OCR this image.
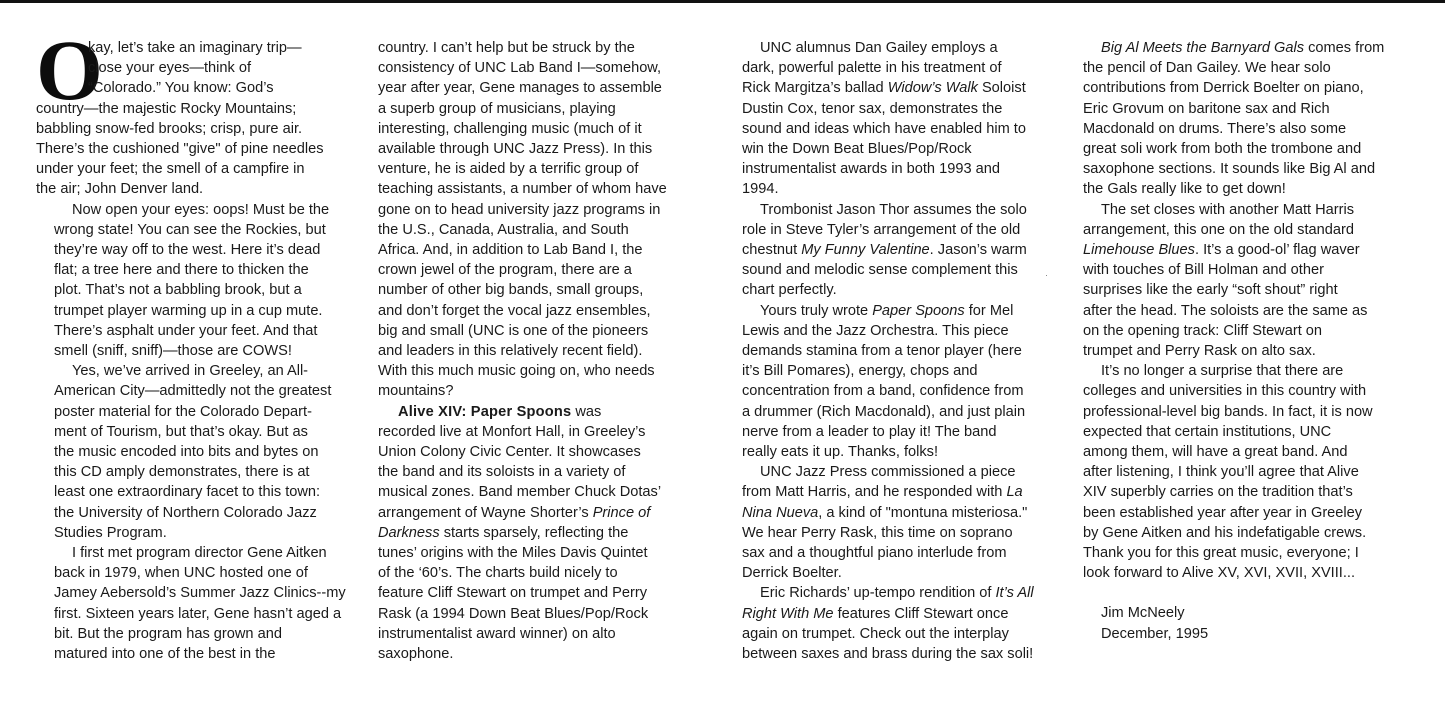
O
·

kay, let’s take an imaginary trip—
close your eyes—think of
“Colorado.” You know: God’s
country—the majestic Rocky Mountains;
babbling snow-fed brooks; crisp, pure air.
There’s the cushioned "give" of pine needles
under your feet; the smell of a campfire in
the air; John Denver land.

Now open your eyes: oops! Must be the
wrong state! You can see the Rockies, but
they’re way off to the west. Here it’s dead
flat; a tree here and there to thicken the
plot. That’s not a babbling brook, but a
trumpet player warming up in a cup mute.
There’s asphalt under your feet. And that
smell (sniff, sniff)—those are COWS!

Yes, we’ve arrived in Greeley, an All-
American City—admittedly not the greatest
poster material for the Colorado Depart-
ment of Tourism, but that’s okay. But as
the music encoded into bits and bytes on
this CD amply demonstrates, there is at
least one extraordinary facet to this town:
the University of Northern Colorado Jazz
Studies Program.

I first met program director Gene Aitken
back in 1979, when UNC hosted one of
Jamey Aebersold’s Summer Jazz Clinics--my
first. Sixteen years later, Gene hasn’t aged a
bit. But the program has grown and
matured into one of the best in the

country. I can’t help but be struck by the
consistency of UNC Lab Band I—somehow,
year after year, Gene manages to assemble
a superb group of musicians, playing
interesting, challenging music (much of it
available through UNC Jazz Press). In this
venture, he is aided by a terrific group of
teaching assistants, a number of whom have
gone on to head university jazz programs in
the U.S., Canada, Australia, and South
Africa. And, in addition to Lab Band I, the
crown jewel of the program, there are a
number of other big bands, small groups,
and don’t forget the vocal jazz ensembles,
big and small (UNC is one of the pioneers
and leaders in this relatively recent field).
With this much music going on, who needs
mountains?

Alive XIV: Paper Spoons was
recorded live at Monfort Hall, in Greeley’s
Union Colony Civic Center. It showcases
the band and its soloists in a variety of
musical zones. Band member Chuck Dotas’
arrangement of Wayne Shorter’s Prince of
Darkness starts sparsely, reflecting the
tunes’ origins with the Miles Davis Quintet
of the ‘60’s. The charts build nicely to
feature Cliff Stewart on trumpet and Perry
Rask (a 1994 Down Beat Blues/Pop/Rock
instrumentalist award winner) on alto
saxophone.

UNC alumnus Dan Gailey employs a
dark, powerful palette in his treatment of
Rick Margitza’s ballad Widow’s Walk Soloist
Dustin Cox, tenor sax, demonstrates the
sound and ideas which have enabled him to
win the Down Beat Blues/Pop/Rock
instrumentalist awards in both 1993 and
1994.

Trombonist Jason Thor assumes the solo
role in Steve Tyler’s arrangement of the old
chestnut My Funny Valentine. Jason’s warm
sound and melodic sense complement this
chart perfectly.

Yours truly wrote Paper Spoons for Mel
Lewis and the Jazz Orchestra. This piece
demands stamina from a tenor player (here
it’s Bill Pomares), energy, chops and
concentration from a band, confidence from
a drummer (Rich Macdonald), and just plain
nerve from a leader to play it! The band
really eats it up. Thanks, folks!

UNC Jazz Press commissioned a piece
from Matt Harris, and he responded with La
Nina Nueva, a kind of "montuna misteriosa."
We hear Perry Rask, this time on soprano
sax and a thoughtful piano interlude from
Derrick Boelter.

Eric Richards’ up-tempo rendition of It’s All
Right With Me features Cliff Stewart once
again on trumpet. Check out the interplay
between saxes and brass during the sax soli!

Big Al Meets the Barnyard Gals comes from
the pencil of Dan Gailey. We hear solo
contributions from Derrick Boelter on piano,
Eric Grovum on baritone sax and Rich
Macdonald on drums. There’s also some
great soli work from both the trombone and
saxophone sections. It sounds like Big Al and
the Gals really like to get down!

The set closes with another Matt Harris
arrangement, this one on the old standard
Limehouse Blues. It’s a good-ol’ flag waver
with touches of Bill Holman and other
surprises like the early “soft shout” right
after the head. The soloists are the same as
on the opening track: Cliff Stewart on
trumpet and Perry Rask on alto sax.

It’s no longer a surprise that there are
colleges and universities in this country with
professional-level big bands. In fact, it is now
expected that certain institutions, UNC
among them, will have a great band. And
after listening, I think you’ll agree that Alive
XIV superbly carries on the tradition that’s
been established year after year in Greeley
by Gene Aitken and his indefatigable crews.
Thank you for this great music, everyone; I
look forward to Alive XV, XVI, XVII, XVIII...

Jim McNeely
December, 1995
